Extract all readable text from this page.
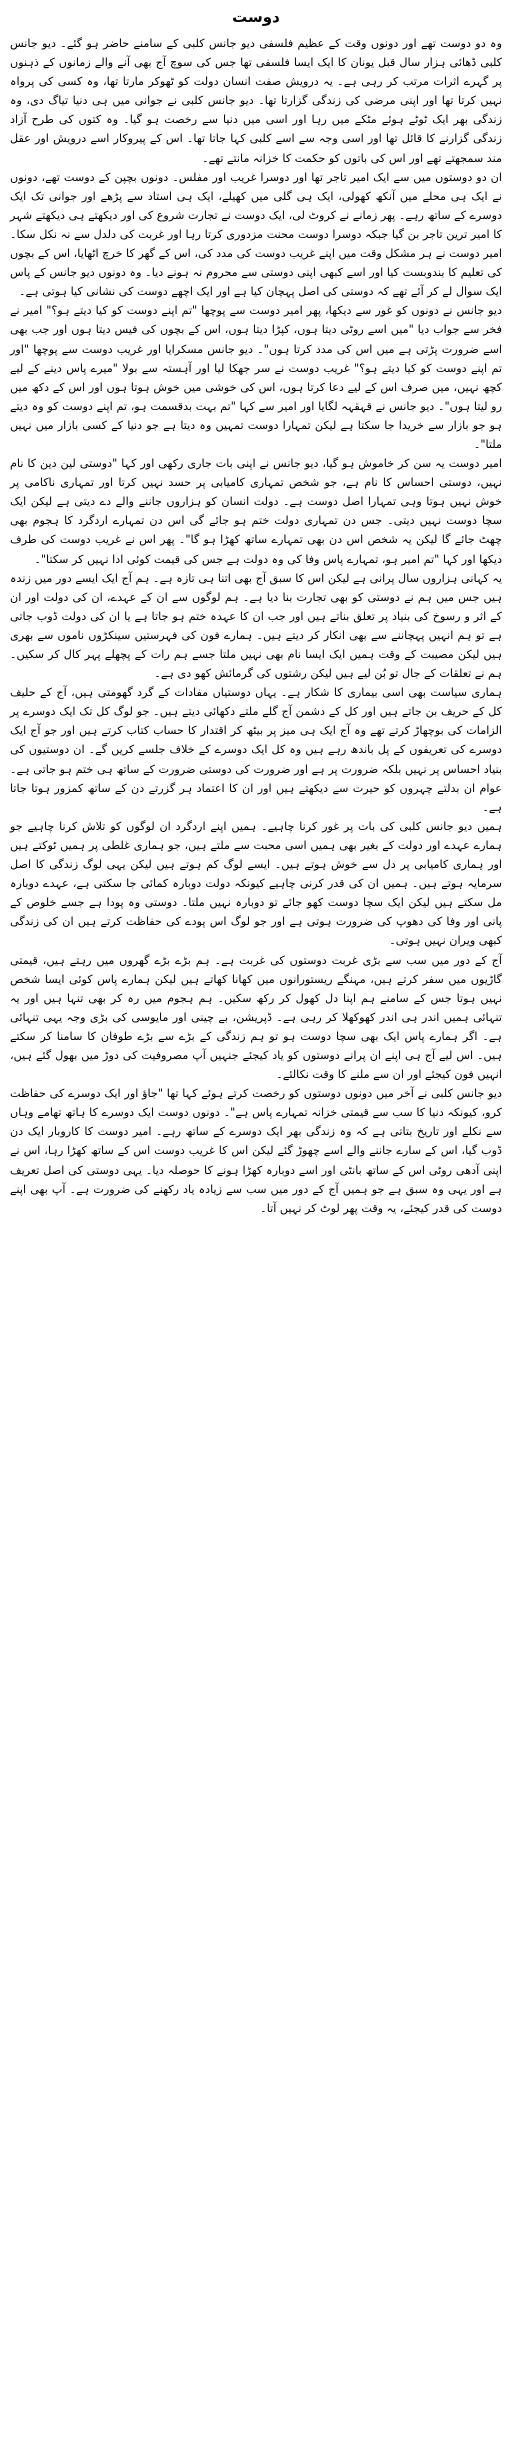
دوست

وہ دو دوست تھے اور دونوں وقت کے عظیم فلسفی دیو جانس کلبی کے سامنے حاضر ہو گئے۔ دیو جانس کلبی ڈھائی ہزار سال قبل یونان کا ایک ایسا فلسفی تھا جس کی سوچ آج بھی آنے والے زمانوں کے ذہنوں پر گہرے اثرات مرتب کر رہی ہے۔ یہ درویش صفت انسان دولت کو ٹھوکر مارتا تھا، وہ کسی کی پرواہ نہیں کرتا تھا اور اپنی مرضی کی زندگی گزارتا تھا۔ دیو جانس کلبی نے جوانی میں ہی دنیا تیاگ دی، وہ زندگی بھر ایک ٹوٹے ہوئے مٹکے میں رہا اور اسی میں دنیا سے رخصت ہو گیا۔ وہ کتوں کی طرح آزاد زندگی گزارنے کا قائل تھا اور اسی وجہ سے اسے کلبی کہا جاتا تھا۔ اس کے پیروکار اسے درویش اور عقل مند سمجھتے تھے اور اس کی باتوں کو حکمت کا خزانہ مانتے تھے۔

ان دو دوستوں میں سے ایک امیر تاجر تھا اور دوسرا غریب اور مفلس۔ دونوں بچپن کے دوست تھے، دونوں نے ایک ہی محلے میں آنکھ کھولی، ایک ہی گلی میں کھیلے، ایک ہی استاد سے پڑھے اور جوانی تک ایک دوسرے کے ساتھ رہے۔ پھر زمانے نے کروٹ لی، ایک دوست نے تجارت شروع کی اور دیکھتے ہی دیکھتے شہر کا امیر ترین تاجر بن گیا جبکہ دوسرا دوست محنت مزدوری کرتا رہا اور غربت کی دلدل سے نہ نکل سکا۔ امیر دوست نے ہر مشکل وقت میں اپنے غریب دوست کی مدد کی، اس کے گھر کا خرچ اٹھایا، اس کے بچوں کی تعلیم کا بندوبست کیا اور اسے کبھی اپنی دوستی سے محروم نہ ہونے دیا۔ وہ دونوں دیو جانس کے پاس ایک سوال لے کر آئے تھے کہ دوستی کی اصل پہچان کیا ہے اور ایک اچھے دوست کی نشانی کیا ہوتی ہے۔

دیو جانس نے دونوں کو غور سے دیکھا، پھر امیر دوست سے پوچھا "تم اپنے دوست کو کیا دیتے ہو؟" امیر نے فخر سے جواب دیا "میں اسے روٹی دیتا ہوں، کپڑا دیتا ہوں، اس کے بچوں کی فیس دیتا ہوں اور جب بھی اسے ضرورت پڑتی ہے میں اس کی مدد کرتا ہوں"۔ دیو جانس مسکرایا اور غریب دوست سے پوچھا "اور تم اپنے دوست کو کیا دیتے ہو؟" غریب دوست نے سر جھکا لیا اور آہستہ سے بولا "میرے پاس دینے کے لیے کچھ نہیں، میں صرف اس کے لیے دعا کرتا ہوں، اس کی خوشی میں خوش ہوتا ہوں اور اس کے دکھ میں رو لیتا ہوں"۔ دیو جانس نے قہقہہ لگایا اور امیر سے کہا "تم بہت بدقسمت ہو، تم اپنے دوست کو وہ دیتے ہو جو بازار سے خریدا جا سکتا ہے لیکن تمہارا دوست تمہیں وہ دیتا ہے جو دنیا کے کسی بازار میں نہیں ملتا"۔

امیر دوست یہ سن کر خاموش ہو گیا، دیو جانس نے اپنی بات جاری رکھی اور کہا "دوستی لین دین کا نام نہیں، دوستی احساس کا نام ہے، جو شخص تمہاری کامیابی پر حسد نہیں کرتا اور تمہاری ناکامی پر خوش نہیں ہوتا وہی تمہارا اصل دوست ہے۔ دولت انسان کو ہزاروں جاننے والے دے دیتی ہے لیکن ایک سچا دوست نہیں دیتی۔ جس دن تمہاری دولت ختم ہو جائے گی اس دن تمہارے اردگرد کا ہجوم بھی چھٹ جائے گا لیکن یہ شخص اس دن بھی تمہارے ساتھ کھڑا ہو گا"۔ پھر اس نے غریب دوست کی طرف دیکھا اور کہا "تم امیر ہو، تمہارے پاس وفا کی وہ دولت ہے جس کی قیمت کوئی ادا نہیں کر سکتا"۔

یہ کہانی ہزاروں سال پرانی ہے لیکن اس کا سبق آج بھی اتنا ہی تازہ ہے۔ ہم آج ایک ایسے دور میں زندہ ہیں جس میں ہم نے دوستی کو بھی تجارت بنا دیا ہے۔ ہم لوگوں سے ان کے عہدے، ان کی دولت اور ان کے اثر و رسوخ کی بنیاد پر تعلق بناتے ہیں اور جب ان کا عہدہ ختم ہو جاتا ہے یا ان کی دولت ڈوب جاتی ہے تو ہم انہیں پہچاننے سے بھی انکار کر دیتے ہیں۔ ہمارے فون کی فہرستیں سینکڑوں ناموں سے بھری ہیں لیکن مصیبت کے وقت ہمیں ایک ایسا نام بھی نہیں ملتا جسے ہم رات کے پچھلے پہر کال کر سکیں۔ ہم نے تعلقات کے جال تو بُن لیے ہیں لیکن رشتوں کی گرمائش کھو دی ہے۔

ہماری سیاست بھی اسی بیماری کا شکار ہے۔ یہاں دوستیاں مفادات کے گرد گھومتی ہیں، آج کے حلیف کل کے حریف بن جاتے ہیں اور کل کے دشمن آج گلے ملتے دکھائی دیتے ہیں۔ جو لوگ کل تک ایک دوسرے پر الزامات کی بوچھاڑ کرتے تھے وہ آج ایک ہی میز پر بیٹھ کر اقتدار کا حساب کتاب کرتے ہیں اور جو آج ایک دوسرے کی تعریفوں کے پل باندھ رہے ہیں وہ کل ایک دوسرے کے خلاف جلسے کریں گے۔ ان دوستیوں کی بنیاد احساس پر نہیں بلکہ ضرورت پر ہے اور ضرورت کی دوستی ضرورت کے ساتھ ہی ختم ہو جاتی ہے۔ عوام ان بدلتے چہروں کو حیرت سے دیکھتے ہیں اور ان کا اعتماد ہر گزرتے دن کے ساتھ کمزور ہوتا جاتا ہے۔

ہمیں دیو جانس کلبی کی بات پر غور کرنا چاہیے۔ ہمیں اپنے اردگرد ان لوگوں کو تلاش کرنا چاہیے جو ہمارے عہدے اور دولت کے بغیر بھی ہمیں اسی محبت سے ملتے ہیں، جو ہماری غلطی پر ہمیں ٹوکتے ہیں اور ہماری کامیابی پر دل سے خوش ہوتے ہیں۔ ایسے لوگ کم ہوتے ہیں لیکن یہی لوگ زندگی کا اصل سرمایہ ہوتے ہیں۔ ہمیں ان کی قدر کرنی چاہیے کیونکہ دولت دوبارہ کمائی جا سکتی ہے، عہدے دوبارہ مل سکتے ہیں لیکن ایک سچا دوست کھو جائے تو دوبارہ نہیں ملتا۔ دوستی وہ پودا ہے جسے خلوص کے پانی اور وفا کی دھوپ کی ضرورت ہوتی ہے اور جو لوگ اس پودے کی حفاظت کرتے ہیں ان کی زندگی کبھی ویران نہیں ہوتی۔

آج کے دور میں سب سے بڑی غربت دوستوں کی غربت ہے۔ ہم بڑے بڑے گھروں میں رہتے ہیں، قیمتی گاڑیوں میں سفر کرتے ہیں، مہنگے ریستورانوں میں کھانا کھاتے ہیں لیکن ہمارے پاس کوئی ایسا شخص نہیں ہوتا جس کے سامنے ہم اپنا دل کھول کر رکھ سکیں۔ ہم ہجوم میں رہ کر بھی تنہا ہیں اور یہ تنہائی ہمیں اندر ہی اندر کھوکھلا کر رہی ہے۔ ڈپریشن، بے چینی اور مایوسی کی بڑی وجہ یہی تنہائی ہے۔ اگر ہمارے پاس ایک بھی سچا دوست ہو تو ہم زندگی کے بڑے سے بڑے طوفان کا سامنا کر سکتے ہیں۔ اس لیے آج ہی اپنے ان پرانے دوستوں کو یاد کیجئے جنہیں آپ مصروفیت کی دوڑ میں بھول گئے ہیں، انہیں فون کیجئے اور ان سے ملنے کا وقت نکالئے۔

دیو جانس کلبی نے آخر میں دونوں دوستوں کو رخصت کرتے ہوئے کہا تھا "جاؤ اور ایک دوسرے کی حفاظت کرو، کیونکہ دنیا کا سب سے قیمتی خزانہ تمہارے پاس ہے"۔ دونوں دوست ایک دوسرے کا ہاتھ تھامے وہاں سے نکلے اور تاریخ بتاتی ہے کہ وہ زندگی بھر ایک دوسرے کے ساتھ رہے۔ امیر دوست کا کاروبار ایک دن ڈوب گیا، اس کے سارے جاننے والے اسے چھوڑ گئے لیکن اس کا غریب دوست اس کے ساتھ کھڑا رہا، اس نے اپنی آدھی روٹی اس کے ساتھ بانٹی اور اسے دوبارہ کھڑا ہونے کا حوصلہ دیا۔ یہی دوستی کی اصل تعریف ہے اور یہی وہ سبق ہے جو ہمیں آج کے دور میں سب سے زیادہ یاد رکھنے کی ضرورت ہے۔ آپ بھی اپنے دوست کی قدر کیجئے، یہ وقت پھر لوٹ کر نہیں آتا۔
